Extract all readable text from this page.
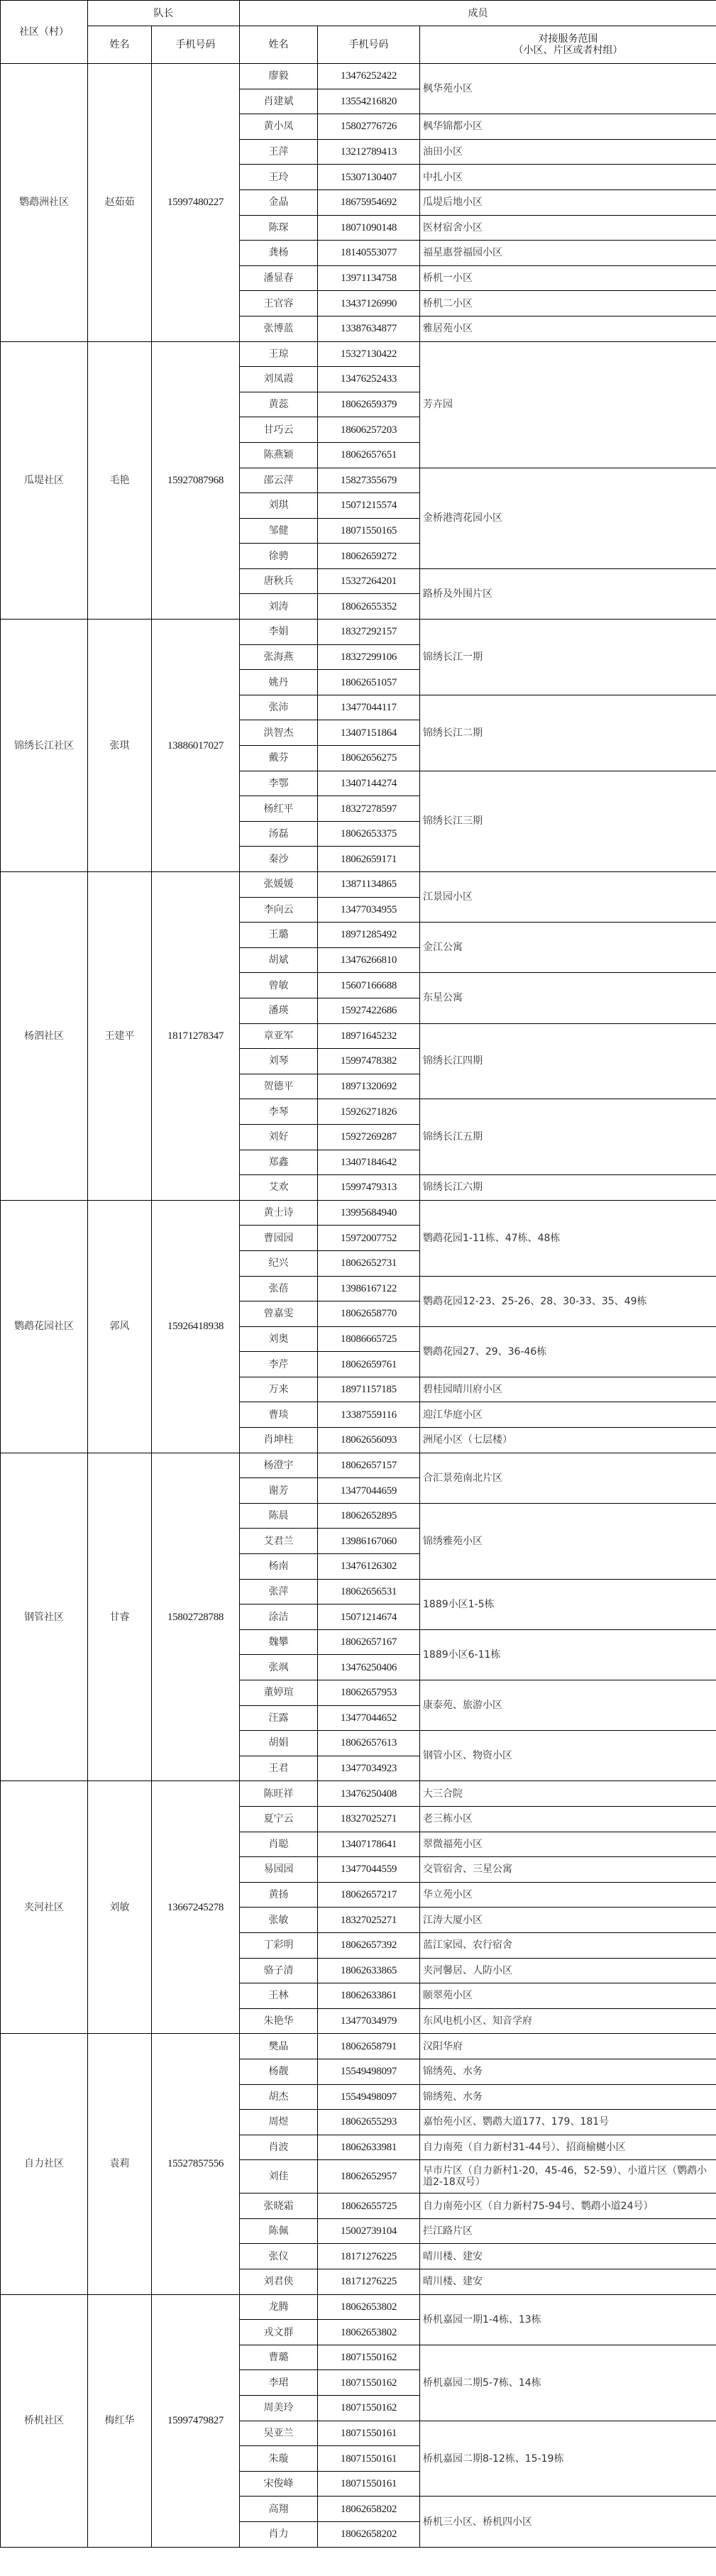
社区（村）	队长		成员		
	姓名	手机号码	姓名	手机号码	对接服务范围
（小区、片区或者村组）

鹦鹉洲社区	赵茹茹	15997480227	廖毅	13476252422	枫华苑小区
			肖建斌	13554216820	
			黄小凤	15802776726	枫华锦都小区
			王萍	13212789413	油田小区
			王玲	15307130407	中扎小区
			金晶	18675954692	瓜堤后地小区
			陈琛	18071090148	医材宿舍小区
			龚杨	18140553077	福星惠誉福园小区
			潘显春	13971134758	桥机一小区
			王官容	13437126990	桥机二小区
			张博蓝	13387634877	雅居苑小区
瓜堤社区	毛艳	15927087968	王琼	15327130422	芳卉园
			刘凤霞	13476252433	
			黄蕊	18062659379	
			甘巧云	18606257203	
			陈燕颖	18062657651	
			邵云萍	15827355679	金桥港湾花园小区
			刘琪	15071215574	
			邹健	18071550165	
			徐骋	18062659272	
			唐秋兵	15327264201	路桥及外围片区
			刘涛	18062655352	
锦绣长江社区	张琪	13886017027	李娟	18327292157	锦绣长江一期
			张海燕	18327299106	
			姚丹	18062651057	
			张沛	13477044117	锦绣长江二期
			洪智杰	13407151864	
			戴芬	18062656275	
			李鄂	13407144274	锦绣长江三期
			杨红平	18327278597	
			汤磊	18062653375	
			秦沙	18062659171	
杨泗社区	王建平	18171278347	张媛媛	13871134865	江景园小区
			李向云	13477034955	
			王璐	18971285492	金江公寓
			胡斌	13476266810	
			曾敏	15607166688	东星公寓
			潘瑛	15927422686	
			章亚军	18971645232	锦绣长江四期
			刘琴	15997478382	
			贺德平	18971320692	
			李琴	15926271826	锦绣长江五期
			刘好	15927269287	
			郑鑫	13407184642	
			艾欢	15997479313	锦绣长江六期
鹦鹉花园社区	郭风	15926418938	黄士诗	13995684940	鹦鹉花园1-11栋、47栋、48栋
			曹园园	15972007752	
			纪兴	18062652731	
			张蓓	13986167122	鹦鹉花园12-23、25-26、28、30-33、35、49栋
			曾嘉雯	18062658770	
			刘奥	18086665725	鹦鹉花园27、29、36-46栋
			李芹	18062659761	
			万来	18971157185	碧桂园晴川府小区
			曹琰	13387559116	迎江华庭小区
			肖坤柱	18062656093	洲尾小区（七层楼）
钢管社区	甘睿	15802728788	杨澄宇	18062657157	合汇景苑南北片区
			谢芳	13477044659	
			陈晨	18062652895	锦绣雅苑小区
			艾君兰	13986167060	
			杨南	13476126302	
			张萍	18062656531	1889小区1-5栋
			涂洁	15071214674	
			魏攀	18062657167	1889小区6-11栋
			张飒	13476250406	
			董婷瑄	18062657953	康泰苑、旅游小区
			汪露	13477044652	
			胡娟	18062657613	钢管小区、物资小区
			王君	13477034923	
夹河社区	刘敏	13667245278	陈旺祥	13476250408	大三合院
			夏宁云	18327025271	老三栋小区
			肖聪	13407178641	翠微福苑小区
			易园园	13477044559	交管宿舍、三星公寓
			黄扬	18062657217	华立苑小区
			张敏	18327025271	江涛大厦小区
			丁彩明	18062657392	蓝江家园、农行宿舍
			骆子清	18062633865	夹河馨居、人防小区
			王林	18062633861	颐翠苑小区
			朱艳华	13477034979	东风电机小区、知音学府
自力社区	袁莉	15527857556	樊晶	18062658791	汉阳华府
			杨靓	15549498097	锦绣苑、水务
			胡杰	15549498097	锦绣苑、水务
			周煜	18062655293	嘉怡苑小区、鹦鹉大道177、179、181号
			肖波	18062633981	自力南苑（自力新村31-44号）、招商榆樾小区
			刘佳	18062652957	早市片区（自力新村1-20，45-46，52-59）、小道片区（鹦鹉小道2-18双号）
			张晓霜	18062655725	自力南苑小区（自力新村75-94号、鹦鹉小道24号）
			陈佩	15002739104	拦江路片区
			张仪	18171276225	晴川楼、建安
			刘君侠	18171276225	晴川楼、建安
桥机社区	梅红华	15997479827	龙腾	18062653802	桥机嘉园一期1-4栋、13栋
			戎文群	18062653802	
			曹璐	18071550162	桥机嘉园二期5-7栋、14栋
			李珺	18071550162	
			周美玲	18071550162	
			吴亚兰	18071550161	桥机嘉园二期8-12栋、15-19栋
			朱璇	18071550161	
			宋俊峰	18071550161	
			高翔	18062658202	桥机三小区、桥机四小区
			肖力	18062658202	
